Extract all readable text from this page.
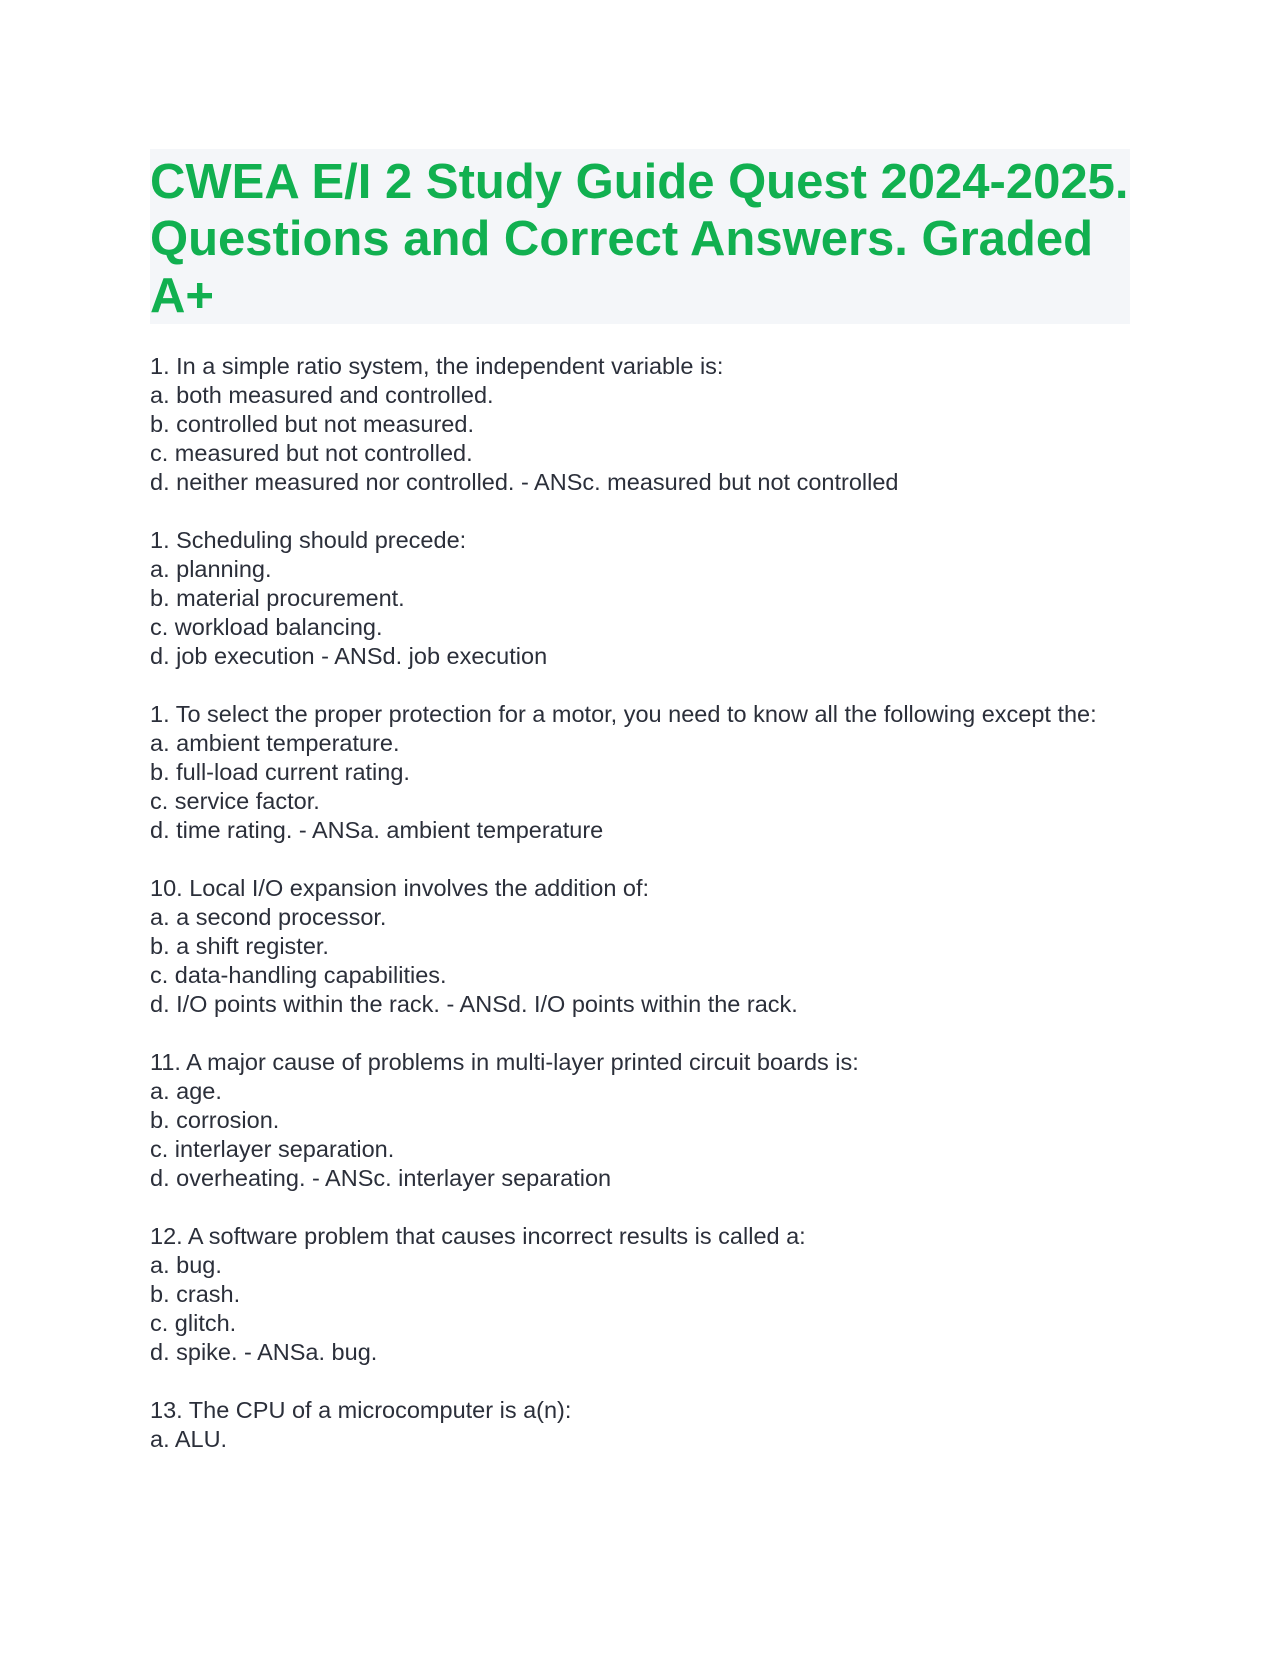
CWEA E/I 2 Study Guide Quest 2024-2025. Questions and Correct Answers. Graded A+
1. In a simple ratio system, the independent variable is:
a. both measured and controlled.
b. controlled but not measured.
c. measured but not controlled.
d. neither measured nor controlled. - ANSc. measured but not controlled
1. Scheduling should precede:
a. planning.
b. material procurement.
c. workload balancing.
d. job execution - ANSd. job execution
1. To select the proper protection for a motor, you need to know all the following except the:
a. ambient temperature.
b. full-load current rating.
c. service factor.
d. time rating. - ANSa. ambient temperature
10. Local I/O expansion involves the addition of:
a. a second processor.
b. a shift register.
c. data-handling capabilities.
d. I/O points within the rack. - ANSd. I/O points within the rack.
11. A major cause of problems in multi-layer printed circuit boards is:
a. age.
b. corrosion.
c. interlayer separation.
d. overheating. - ANSc. interlayer separation
12. A software problem that causes incorrect results is called a:
a. bug.
b. crash.
c. glitch.
d. spike. - ANSa. bug.
13. The CPU of a microcomputer is a(n):
a. ALU.
